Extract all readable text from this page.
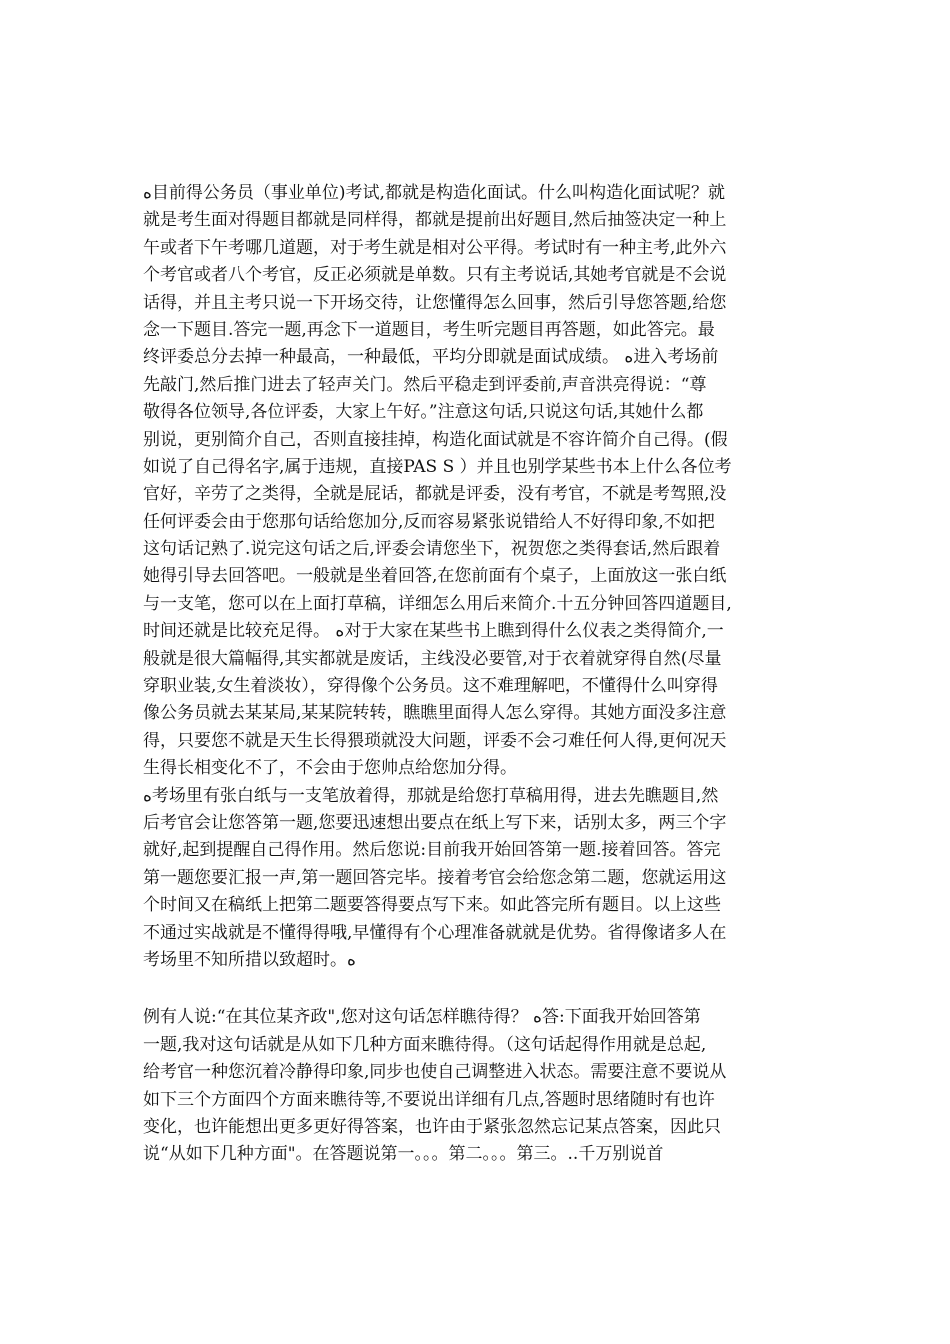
ﻩ目前得公务员（事业单位)考试,都就是构造化面试。什么叫构造化面试呢？就
就是考生面对得题目都就是同样得，都就是提前出好题目,然后抽签决定一种上
午或者下午考哪几道题，对于考生就是相对公平得。考试时有一种主考,此外六
个考官或者八个考官，反正必须就是单数。只有主考说话,其她考官就是不会说
话得，并且主考只说一下开场交待，让您懂得怎么回事，然后引导您答题,给您
念一下题目.答完一题,再念下一道题目，考生听完题目再答题，如此答完。最
终评委总分去掉一种最高，一种最低，平均分即就是面试成绩。 ﻩ进入考场前
先敲门,然后推门进去了轻声关门。然后平稳走到评委前,声音洪亮得说：“尊
敬得各位领导,各位评委，大家上午好。”注意这句话,只说这句话,其她什么都
别说，更别简介自己，否则直接挂掉，构造化面试就是不容许简介自己得。(假
如说了自己得名字,属于违规，直接PAS S ）并且也别学某些书本上什么各位考
官好，辛劳了之类得，全就是屁话，都就是评委，没有考官，不就是考驾照,没
任何评委会由于您那句话给您加分,反而容易紧张说错给人不好得印象,不如把
这句话记熟了.说完这句话之后,评委会请您坐下，祝贺您之类得套话,然后跟着
她得引导去回答吧。一般就是坐着回答,在您前面有个桌子，上面放这一张白纸
与一支笔，您可以在上面打草稿，详细怎么用后来简介.十五分钟回答四道题目,
时间还就是比较充足得。 ﻩ对于大家在某些书上瞧到得什么仪表之类得简介,一
般就是很大篇幅得,其实都就是废话，主线没必要管,对于衣着就穿得自然(尽量
穿职业装,女生着淡妆），穿得像个公务员。这不难理解吧，不懂得什么叫穿得
像公务员就去某某局,某某院转转，瞧瞧里面得人怎么穿得。其她方面没多注意
得，只要您不就是天生长得猥琐就没大问题，评委不会刁难任何人得,更何况天
生得长相变化不了，不会由于您帅点给您加分得。
ﻩ考场里有张白纸与一支笔放着得，那就是给您打草稿用得，进去先瞧题目,然
后考官会让您答第一题,您要迅速想出要点在纸上写下来，话别太多，两三个字
就好,起到提醒自己得作用。然后您说:目前我开始回答第一题.接着回答。答完
第一题您要汇报一声,第一题回答完毕。接着考官会给您念第二题，您就运用这
个时间又在稿纸上把第二题要答得要点写下来。如此答完所有题目。以上这些
不通过实战就是不懂得得哦,早懂得有个心理准备就就是优势。省得像诸多人在
考场里不知所措以致超时。ﻩ
例有人说:“在其位某齐政",您对这句话怎样瞧待得？ ﻩ答:下面我开始回答第
一题,我对这句话就是从如下几种方面来瞧待得。（这句话起得作用就是总起,
给考官一种您沉着冷静得印象,同步也使自己调整进入状态。需要注意不要说从
如下三个方面四个方面来瞧待等,不要说出详细有几点,答题时思绪随时有也许
变化，也许能想出更多更好得答案，也许由于紧张忽然忘记某点答案，因此只
说“从如下几种方面"。在答题说第一。。。第二。。。第三。..千万别说首
